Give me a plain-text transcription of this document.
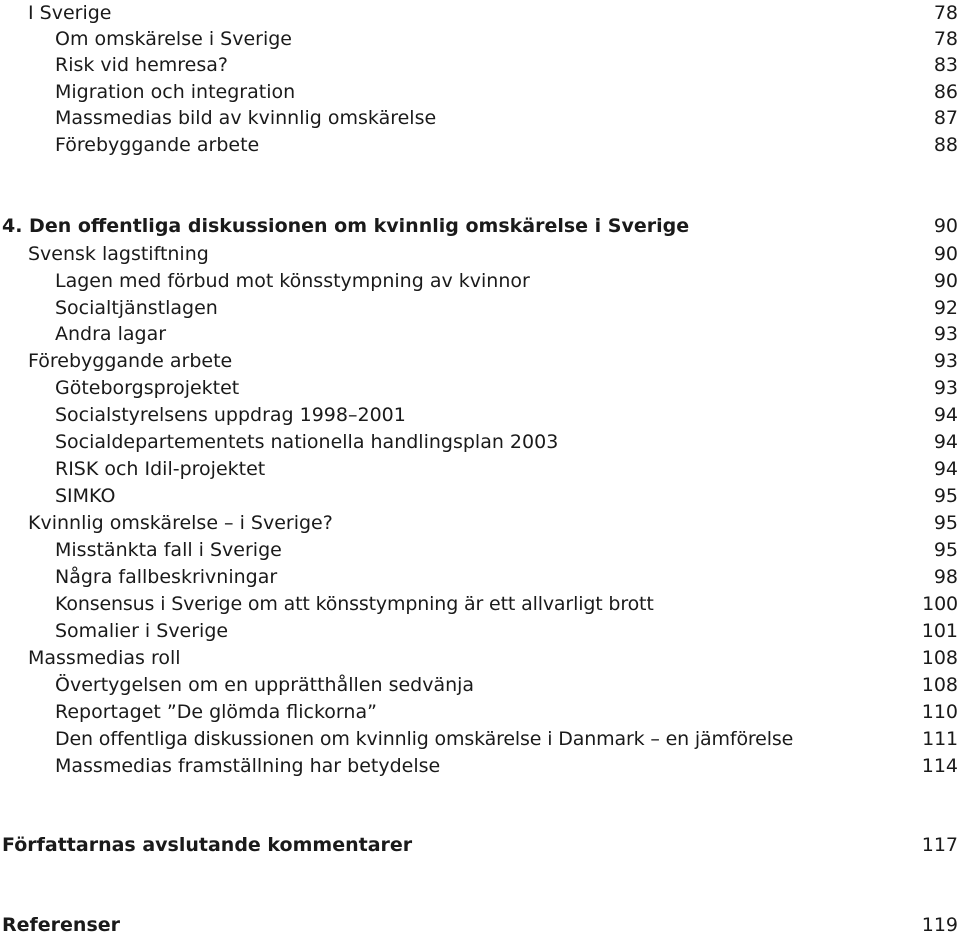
I Sverige	78
Om omskärelse i Sverige	78
Risk vid hemresa?	83
Migration och integration	86
Massmedias bild av kvinnlig omskärelse	87
Förebyggande arbete	88
4. Den offentliga diskussionen om kvinnlig omskärelse i Sverige	90
Svensk lagstiftning	90
Lagen med förbud mot könsstympning av kvinnor	90
Socialtjänstlagen	92
Andra lagar	93
Förebyggande arbete	93
Göteborgsprojektet	93
Socialstyrelsens uppdrag 1998–2001	94
Socialdepartementets nationella handlingsplan 2003	94
RISK och Idil-projektet	94
SIMKO	95
Kvinnlig omskärelse – i Sverige?	95
Misstänkta fall i Sverige	95
Några fallbeskrivningar	98
Konsensus i Sverige om att könsstympning är ett allvarligt brott	100
Somalier i Sverige	101
Massmedias roll	108
Övertygelsen om en upprätthållen sedvänja	108
Reportaget ”De glömda flickorna”	110
Den offentliga diskussionen om kvinnlig omskärelse i Danmark – en jämförelse	111
Massmedias framställning har betydelse	114
Författarnas avslutande kommentarer	117
Referenser	119
